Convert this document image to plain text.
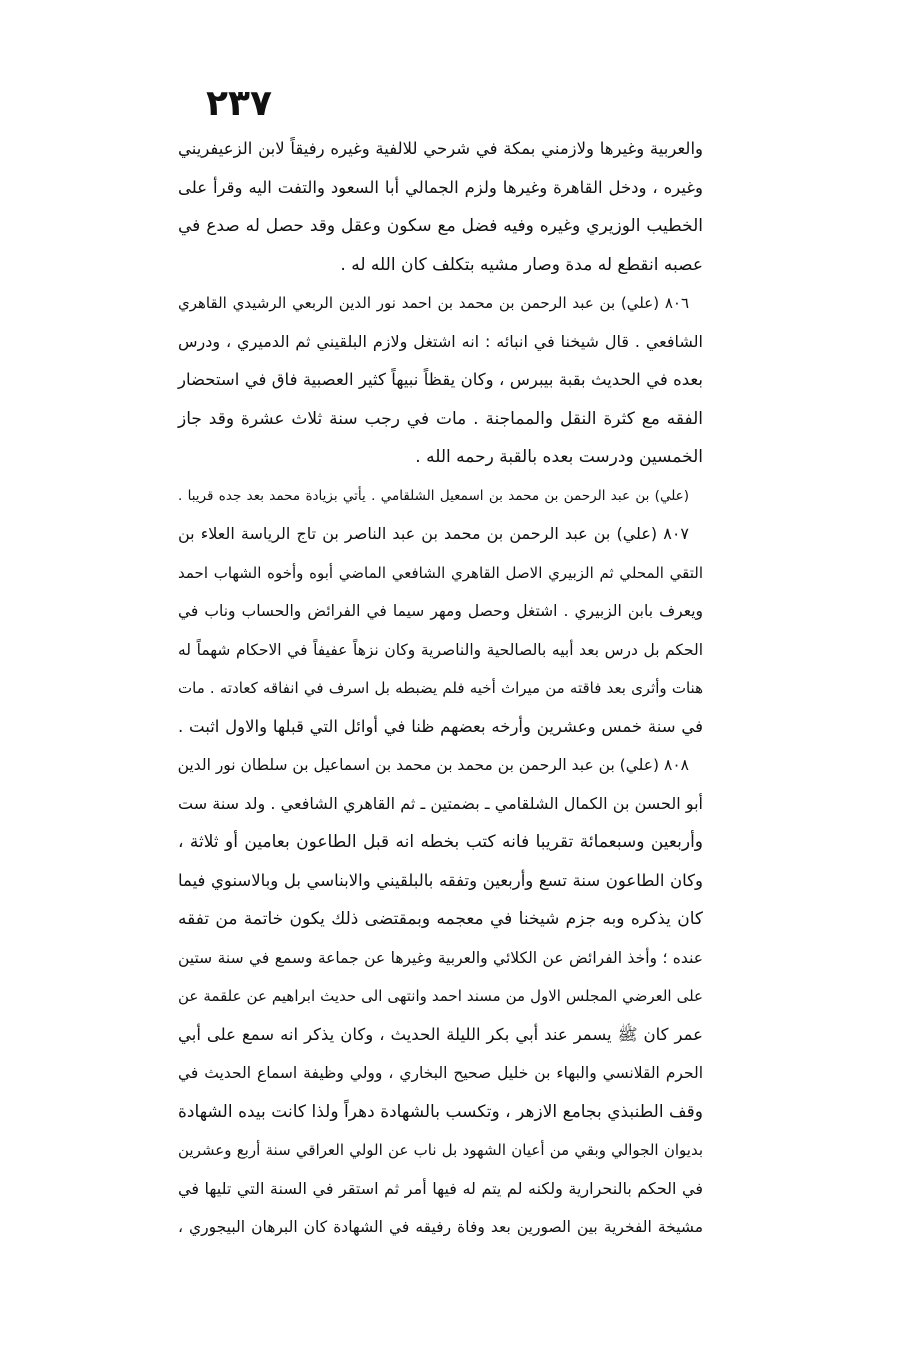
٢٣٧
والعربية وغيرها ولازمني بمكة في شرحي للالفية وغيره رفيقاً لابن الزعيفريني
وغيره ، ودخل القاهرة وغيرها ولزم الجمالي أبا السعود والتفت اليه وقرأ على
الخطيب الوزيري وغيره وفيه فضل مع سكون وعقل وقد حصل له صدع في
عصبه انقطع له مدة وصار مشيه بتكلف كان الله له .
٨٠٦ (علي) بن عبد الرحمن بن محمد بن احمد نور الدين الربعي الرشيدي القاهري
الشافعي . قال شيخنا في انبائه : انه اشتغل ولازم البلقيني ثم الدميري ، ودرس
بعده في الحديث بقبة بيبرس ، وكان يقظاً نبيهاً كثير العصبية فاق في استحضار
الفقه مع كثرة النقل والمماجنة . مات في رجب سنة ثلاث عشرة وقد جاز
الخمسين ودرست بعده بالقبة رحمه الله .
(علي) بن عبد الرحمن بن محمد بن اسمعيل الشلقامي . يأتي بزيادة محمد بعد جده قريبا .
٨٠٧ (علي) بن عبد الرحمن بن محمد بن عبد الناصر بن تاج الرياسة العلاء بن
التقي المحلي ثم الزبيري الاصل القاهري الشافعي الماضي أبوه وأخوه الشهاب احمد
ويعرف بابن الزبيري . اشتغل وحصل ومهر سيما في الفرائض والحساب وناب في
الحكم بل درس بعد أبيه بالصالحية والناصرية وكان نزهاً عفيفاً في الاحكام شهماً له
هنات وأثرى بعد فاقته من ميراث أخيه فلم يضبطه بل اسرف في انفاقه كعادته . مات
في سنة خمس وعشرين وأرخه بعضهم ظنا في أوائل التي قبلها والاول اثبت .
٨٠٨ (علي) بن عبد الرحمن بن محمد بن محمد بن اسماعيل بن سلطان نور الدين
أبو الحسن بن الكمال الشلقامي ـ بضمتين ـ ثم القاهري الشافعي . ولد سنة ست
وأربعين وسبعمائة تقريبا فانه كتب بخطه انه قبل الطاعون بعامين أو ثلاثة ،
وكان الطاعون سنة تسع وأربعين وتفقه بالبلقيني والابناسي بل وبالاسنوي فيما
كان يذكره وبه جزم شيخنا في معجمه وبمقتضى ذلك يكون خاتمة من تفقه
عنده ؛ وأخذ الفرائض عن الكلائي والعربية وغيرها عن جماعة وسمع في سنة ستين
على العرضي المجلس الاول من مسند احمد وانتهى الى حديث ابراهيم عن علقمة عن
عمر كان ﷺ يسمر عند أبي بكر الليلة الحديث ، وكان يذكر انه سمع على أبي
الحرم القلانسي والبهاء بن خليل صحيح البخاري ، وولي وظيفة اسماع الحديث في
وقف الطنبذي بجامع الازهر ، وتكسب بالشهادة دهراً ولذا كانت بيده الشهادة
بديوان الجوالي وبقي من أعيان الشهود بل ناب عن الولي العراقي سنة أربع وعشرين
في الحكم بالنحرارية ولكنه لم يتم له فيها أمر ثم استقر في السنة التي تليها في
مشيخة الفخرية بين الصورين بعد وفاة رفيقه في الشهادة كان البرهان البيجوري ،
